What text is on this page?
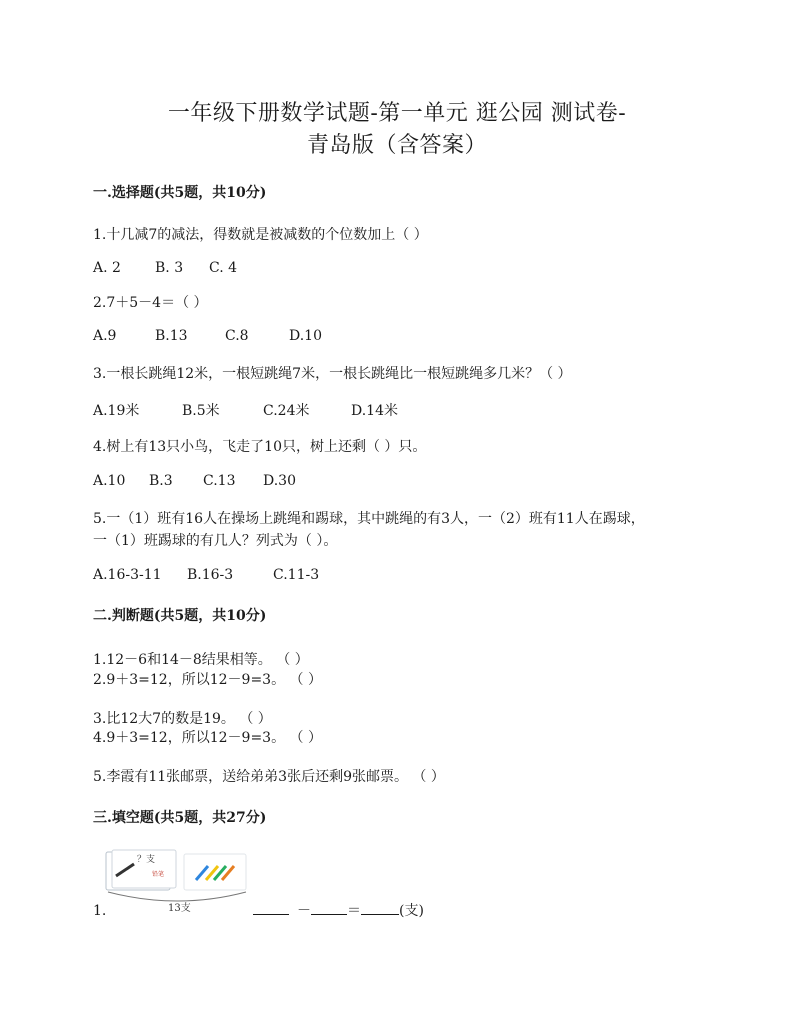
一年级下册数学试题-第一单元 逛公园 测试卷-
青岛版（含答案）
一.选择题(共5题，共10分)
1.十几减7的减法，得数就是被减数的个位数加上（ ）
A. 2 B. 3 C. 4
2.7＋5－4＝（ ）
A.9	B.13	C.8	D.10
3.一根长跳绳12米，一根短跳绳7米，一根长跳绳比一根短跳绳多几米？（ ）
A.19米	B.5米	C.24米	D.14米
4.树上有13只小鸟，飞走了10只，树上还剩（ ）只。
A.10 B.3 C.13 D.30
5.一（1）班有16人在操场上跳绳和踢球，其中跳绳的有3人，一（2）班有11人在踢球，
一（1）班踢球的有几人？列式为（ ）。
A.16-3-11 B.16-3	C.11-3
二.判断题(共5题，共10分)
1.12－6和14－8结果相等。 （ ）
2.9＋3=12，所以12－9=3。 （ ）
3.比12大7的数是19。 （ ）
4.9＋3=12，所以12－9=3。 （ ）
5.李霞有11张邮票，送给弟弟3张后还剩9张邮票。 （ ）
三.填空题(共5题，共27分)
？支
铅笔
13支
1.	－	＝	(支)
